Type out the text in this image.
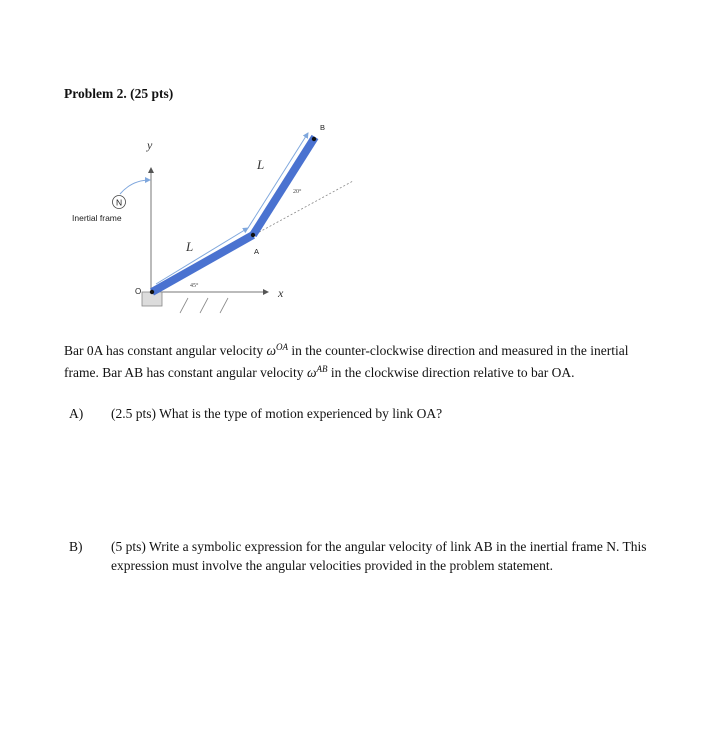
Problem 2. (25 pts)
y
x
N
Inertial frame
O
A
B
L
L
45°
20°
Bar 0A has constant angular velocity $\omega^{OA}$ in the counter-clockwise direction and measured in the inertial frame. Bar AB has constant angular velocity $\omega^{AB}$ in the clockwise direction relative to bar OA.
A) (2.5 pts) What is the type of motion experienced by link OA?
B) (5 pts) Write a symbolic expression for the angular velocity of link AB in the inertial frame N. This expression must involve the angular velocities provided in the problem statement.
